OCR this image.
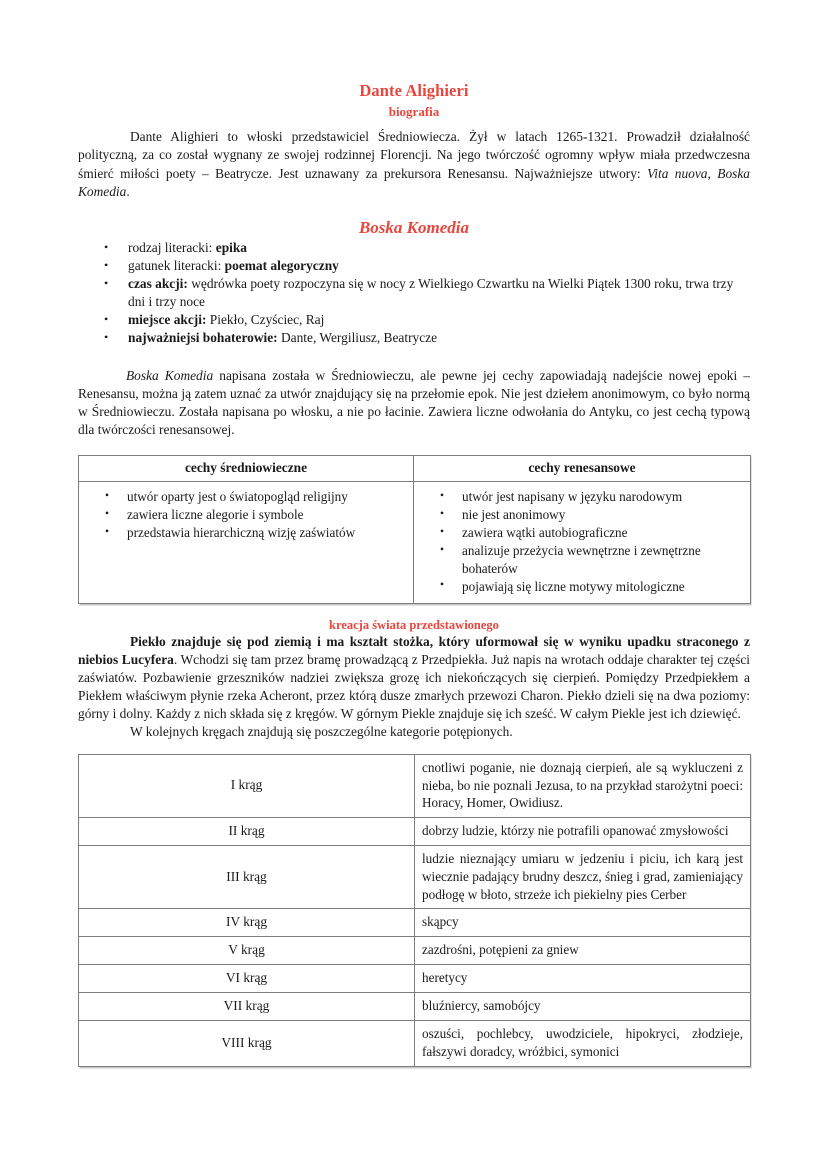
Dante Alighieri
biografia

Dante Alighieri to włoski przedstawiciel Średniowiecza. Żył w latach 1265-1321. Prowadził działalność polityczną, za co został wygnany ze swojej rodzinnej Florencji. Na jego twórczość ogromny wpływ miała przedwczesna śmierć miłości poety – Beatrycze. Jest uznawany za prekursora Renesansu. Najważniejsze utwory: Vita nuova, Boska Komedia.

Boska Komedia
• rodzaj literacki: epika
• gatunek literacki: poemat alegoryczny
• czas akcji: wędrówka poety rozpoczyna się w nocy z Wielkiego Czwartku na Wielki Piątek 1300 roku, trwa trzy dni i trzy noce
• miejsce akcji: Piekło, Czyściec, Raj
• najważniejsi bohaterowie: Dante, Wergiliusz, Beatrycze

Boska Komedia napisana została w Średniowieczu, ale pewne jej cechy zapowiadają nadejście nowej epoki – Renesansu, można ją zatem uznać za utwór znajdujący się na przełomie epok. Nie jest dziełem anonimowym, co było normą w Średniowieczu. Została napisana po włosku, a nie po łacinie. Zawiera liczne odwołania do Antyku, co jest cechą typową dla twórczości renesansowej.

cechy średniowieczne	cechy renesansowe

• utwór oparty jest o światopogląd religijny
• zawiera liczne alegorie i symbole
• przedstawia hierarchiczną wizję zaświatów

• utwór jest napisany w języku narodowym
• nie jest anonimowy
• zawiera wątki autobiograficzne
• analizuje przeżycia wewnętrzne i zewnętrzne bohaterów
• pojawiają się liczne motywy mitologiczne
kreacja świata przedstawionego

Piekło znajduje się pod ziemią i ma kształt stożka, który uformował się w wyniku upadku straconego z niebios Lucyfera. Wchodzi się tam przez bramę prowadzącą z Przedpiekła. Już napis na wrotach oddaje charakter tej części zaświatów. Pozbawienie grzeszników nadziei zwiększa grozę ich niekończących się cierpień. Pomiędzy Przedpiekłem a Piekłem właściwym płynie rzeka Acheront, przez którą dusze zmarłych przewozi Charon. Piekło dzieli się na dwa poziomy: górny i dolny. Każdy z nich składa się z kręgów. W górnym Piekle znajduje się ich sześć. W całym Piekle jest ich dziewięć.

W kolejnych kręgach znajdują się poszczególne kategorie potępionych.

I krąg	cnotliwi poganie, nie doznają cierpień, ale są wykluczeni z nieba, bo nie poznali Jezusa, to na przykład starożytni poeci: Horacy, Homer, Owidiusz.
II krąg	dobrzy ludzie, którzy nie potrafili opanować zmysłowości
III krąg	ludzie nieznający umiaru w jedzeniu i piciu, ich karą jest wiecznie padający brudny deszcz, śnieg i grad, zamieniający podłogę w błoto, strzeże ich piekielny pies Cerber
IV krąg	skąpcy
V krąg	zazdrośni, potępieni za gniew
VI krąg	heretycy
VII krąg	bluźniercy, samobójcy
VIII krąg	oszuści, pochlebcy, uwodziciele, hipokryci, złodzieje, fałszywi doradcy, wróżbici, symonici
